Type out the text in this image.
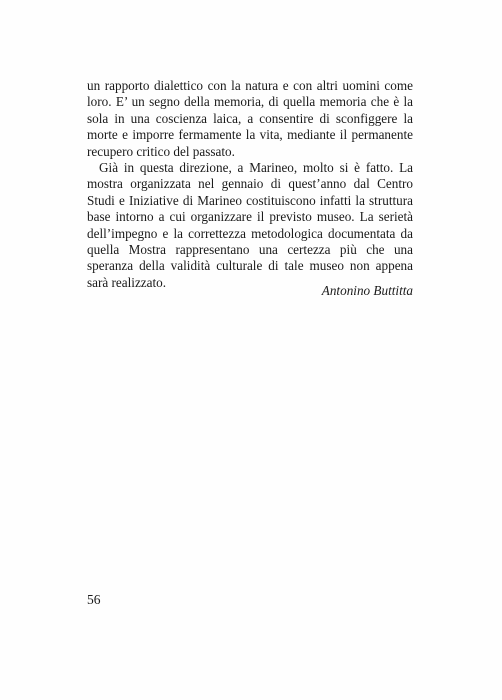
un rapporto dialettico con la natura e con altri uomini come loro. E’ un segno della memoria, di quella memoria che è la sola in una coscienza laica, a consentire di sconfiggere la morte e imporre fermamente la vita, mediante il permanente recupero critico del passato.

Già in questa direzione, a Marineo, molto si è fatto. La mostra organizzata nel gennaio di quest’anno dal Centro Studi e Iniziative di Marineo costituiscono infatti la struttura base intorno a cui organizzare il previsto museo. La serietà dell’impegno e la correttezza metodologica documentata da quella Mostra rappresentano una certezza più che una speranza della validità culturale di tale museo non appena sarà realizzato.

Antonino Buttitta
56
